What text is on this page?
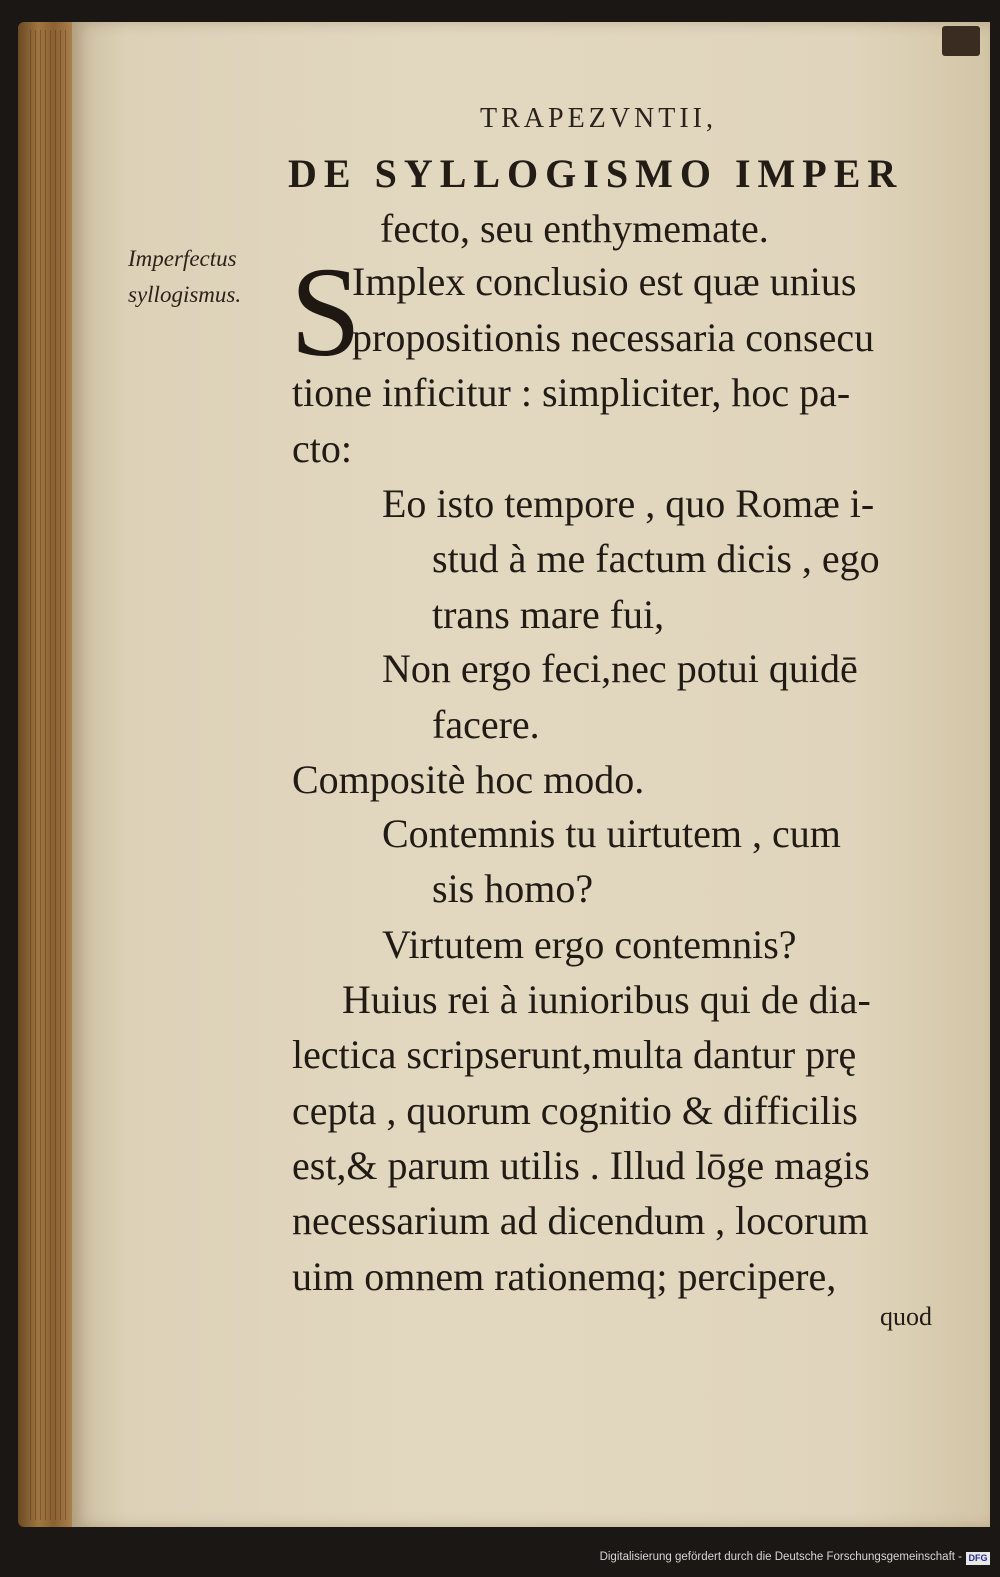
TRAPEZVNTII,
DE SYLLOGISMO IMPER
fecto, seu enthymemate.
Imperfectus
syllogismus. S
Implex conclusio est quæ unius
propositionis necessaria consecu
tione inficitur : simpliciter, hoc pa-
cto:
Eo isto tempore , quo Romæ i-
stud à me factum dicis , ego
trans mare fui,
Non ergo feci,nec potui quidē
facere.
Compositè hoc modo.
Contemnis tu uirtutem , cum
sis homo?
Virtutem ergo contemnis?
Huius rei à iunioribus qui de dia-
lectica scripserunt,multa dantur prę
cepta , quorum cognitio & difficilis
est,& parum utilis . Illud lōge magis
necessarium ad dicendum , locorum
uim omnem rationemq; percipere,
quod
Digitalisierung gefördert durch die Deutsche Forschungsgemeinschaft - DFG
